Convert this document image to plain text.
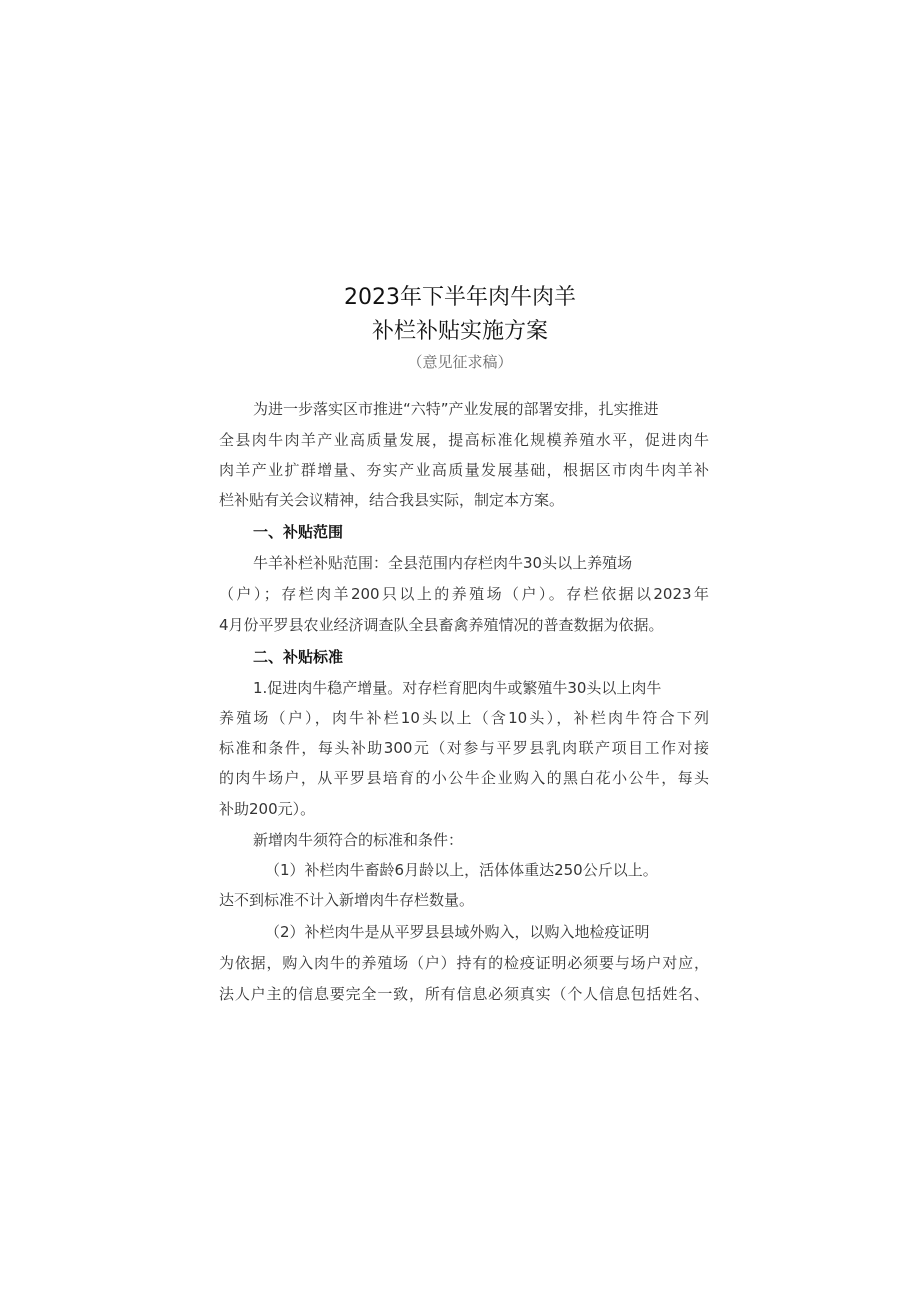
2023年下半年肉牛肉羊
补栏补贴实施方案
（意见征求稿）
为进一步落实区市推进“六特”产业发展的部署安排，扎实推进
全县肉牛肉羊产业高质量发展，提高标准化规模养殖水平，促进肉牛
肉羊产业扩群增量、夯实产业高质量发展基础，根据区市肉牛肉羊补
栏补贴有关会议精神，结合我县实际，制定本方案。
一、补贴范围
牛羊补栏补贴范围：全县范围内存栏肉牛30头以上养殖场
（户）；存栏肉羊200只以上的养殖场（户）。存栏依据以2023年
4月份平罗县农业经济调查队全县畜禽养殖情况的普查数据为依据。
二、补贴标准
1.促进肉牛稳产增量。对存栏育肥肉牛或繁殖牛30头以上肉牛
养殖场（户），肉牛补栏10头以上（含10头），补栏肉牛符合下列
标准和条件，每头补助300元（对参与平罗县乳肉联产项目工作对接
的肉牛场户，从平罗县培育的小公牛企业购入的黑白花小公牛，每头
补助200元）。
新增肉牛须符合的标准和条件：
（1）补栏肉牛畜龄6月龄以上，活体体重达250公斤以上。
达不到标准不计入新增肉牛存栏数量。
（2）补栏肉牛是从平罗县县域外购入，以购入地检疫证明
为依据，购入肉牛的养殖场（户）持有的检疫证明必须要与场户对应，
法人户主的信息要完全一致，所有信息必须真实（个人信息包括姓名、
